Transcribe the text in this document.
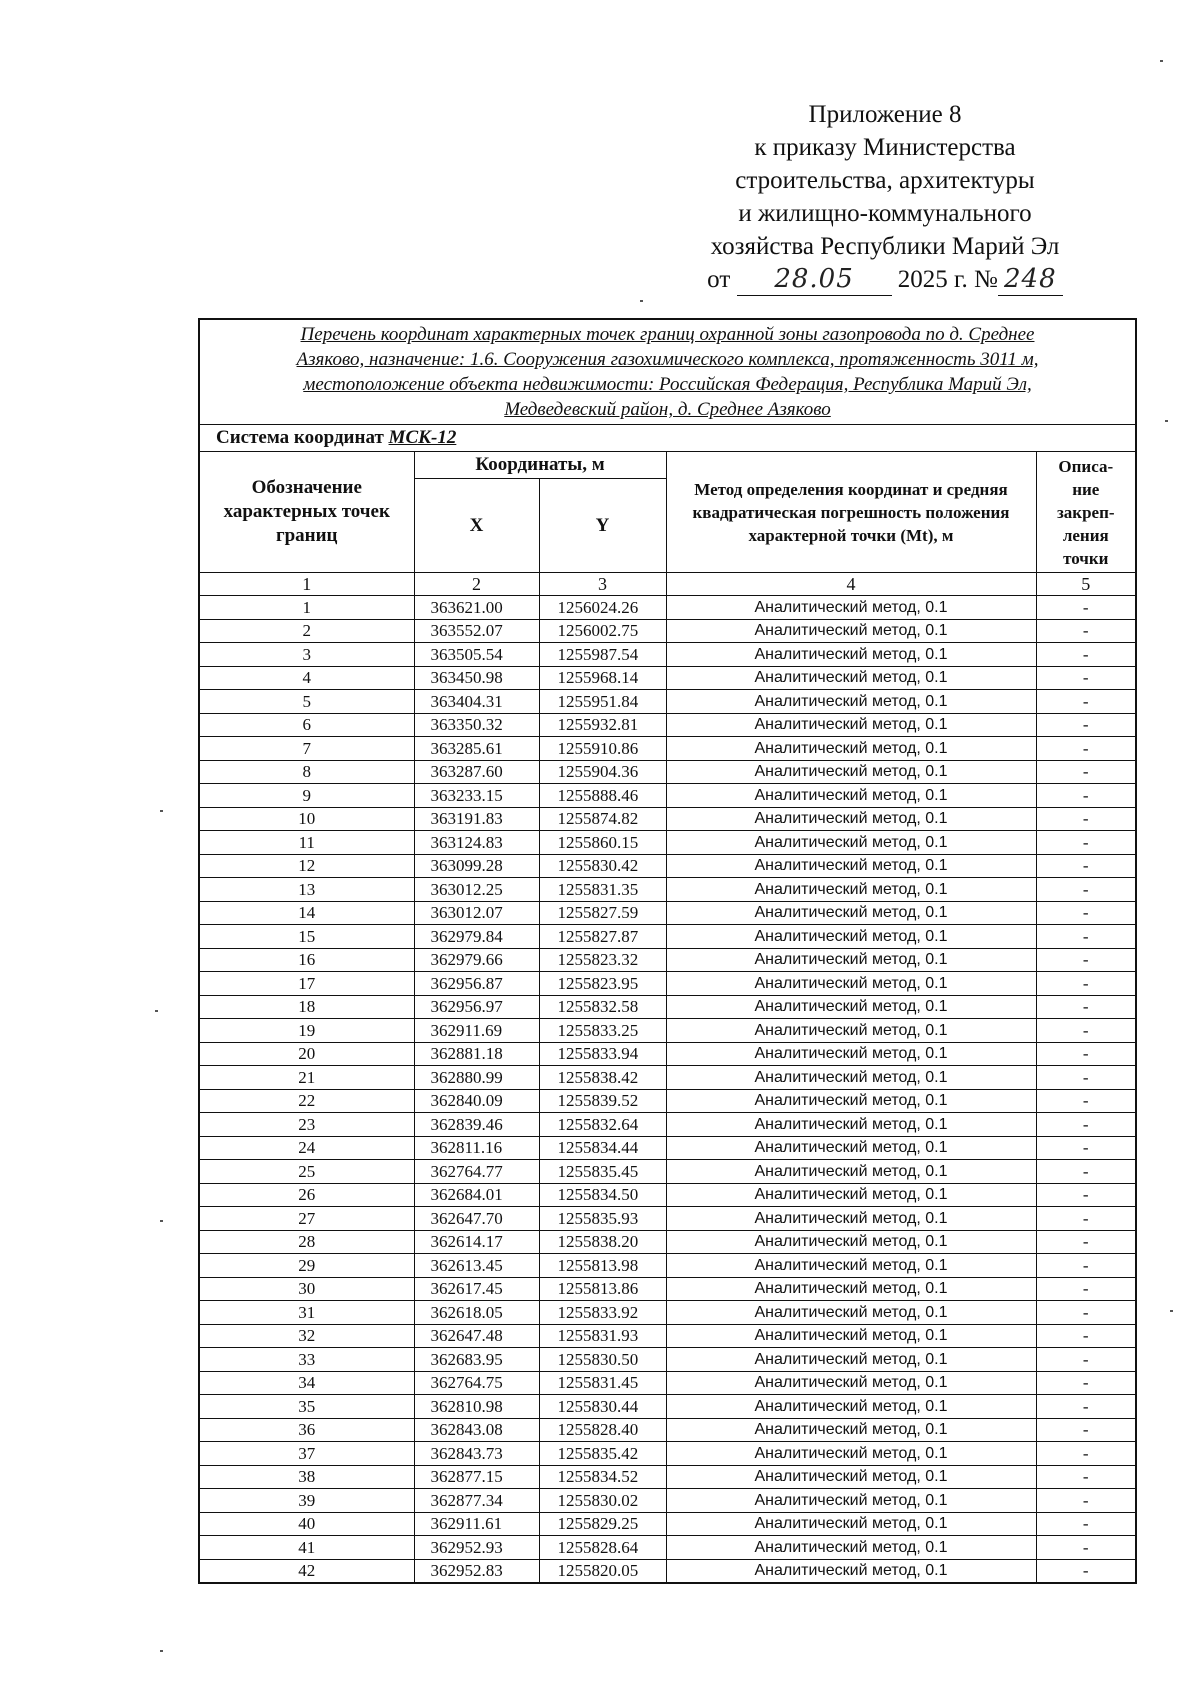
Приложение 8
к приказу Министерства
строительства, архитектуры
и жилищно-коммунального
хозяйства Республики Марий Эл
от 28.05 2025 г. № 248
Перечень координат характерных точек границ охранной зоны газопровода по д. Среднее
Азяково, назначение: 1.6. Сооружения газохимического комплекса, протяженность 3011 м,
местоположение объекта недвижимости: Российская Федерация, Республика Марий Эл,
Медведевский район, д. Среднее Азяково				
Система координат МСК-12				
Обозначение характерных точек границ	Координаты, м		Метод определения координат и средняя квадратическая погрешность положения характерной точки (Mt), м	Описа- ние закреп- ления точки
	X	Y		
1	2	3	4	5
1	363621.00	1256024.26	Аналитический метод, 0.1	-
2	363552.07	1256002.75	Аналитический метод, 0.1	-
3	363505.54	1255987.54	Аналитический метод, 0.1	-
4	363450.98	1255968.14	Аналитический метод, 0.1	-
5	363404.31	1255951.84	Аналитический метод, 0.1	-
6	363350.32	1255932.81	Аналитический метод, 0.1	-
7	363285.61	1255910.86	Аналитический метод, 0.1	-
8	363287.60	1255904.36	Аналитический метод, 0.1	-
9	363233.15	1255888.46	Аналитический метод, 0.1	-
10	363191.83	1255874.82	Аналитический метод, 0.1	-
11	363124.83	1255860.15	Аналитический метод, 0.1	-
12	363099.28	1255830.42	Аналитический метод, 0.1	-
13	363012.25	1255831.35	Аналитический метод, 0.1	-
14	363012.07	1255827.59	Аналитический метод, 0.1	-
15	362979.84	1255827.87	Аналитический метод, 0.1	-
16	362979.66	1255823.32	Аналитический метод, 0.1	-
17	362956.87	1255823.95	Аналитический метод, 0.1	-
18	362956.97	1255832.58	Аналитический метод, 0.1	-
19	362911.69	1255833.25	Аналитический метод, 0.1	-
20	362881.18	1255833.94	Аналитический метод, 0.1	-
21	362880.99	1255838.42	Аналитический метод, 0.1	-
22	362840.09	1255839.52	Аналитический метод, 0.1	-
23	362839.46	1255832.64	Аналитический метод, 0.1	-
24	362811.16	1255834.44	Аналитический метод, 0.1	-
25	362764.77	1255835.45	Аналитический метод, 0.1	-
26	362684.01	1255834.50	Аналитический метод, 0.1	-
27	362647.70	1255835.93	Аналитический метод, 0.1	-
28	362614.17	1255838.20	Аналитический метод, 0.1	-
29	362613.45	1255813.98	Аналитический метод, 0.1	-
30	362617.45	1255813.86	Аналитический метод, 0.1	-
31	362618.05	1255833.92	Аналитический метод, 0.1	-
32	362647.48	1255831.93	Аналитический метод, 0.1	-
33	362683.95	1255830.50	Аналитический метод, 0.1	-
34	362764.75	1255831.45	Аналитический метод, 0.1	-
35	362810.98	1255830.44	Аналитический метод, 0.1	-
36	362843.08	1255828.40	Аналитический метод, 0.1	-
37	362843.73	1255835.42	Аналитический метод, 0.1	-
38	362877.15	1255834.52	Аналитический метод, 0.1	-
39	362877.34	1255830.02	Аналитический метод, 0.1	-
40	362911.61	1255829.25	Аналитический метод, 0.1	-
41	362952.93	1255828.64	Аналитический метод, 0.1	-
42	362952.83	1255820.05	Аналитический метод, 0.1	-
